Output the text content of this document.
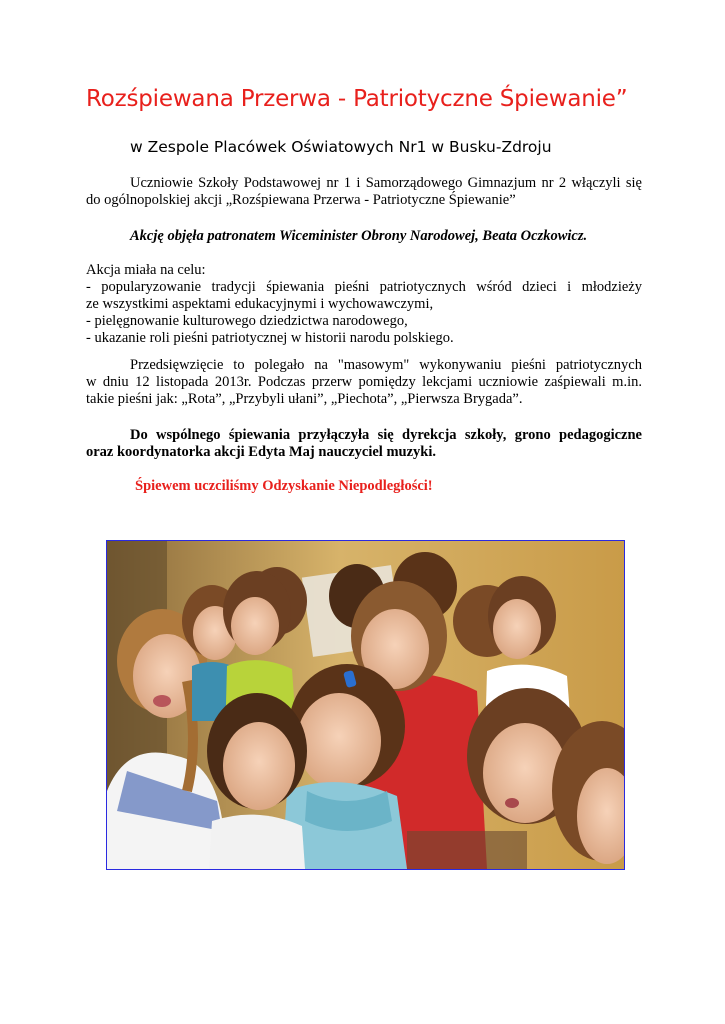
Rozśpiewana Przerwa - Patriotyczne Śpiewanie”
w Zespole Placówek Oświatowych Nr1 w Busku-Zdroju
Uczniowie Szkoły Podstawowej nr 1 i Samorządowego Gimnazjum nr 2 włączyli się
do ogólnopolskiej akcji „Rozśpiewana Przerwa - Patriotyczne Śpiewanie”
Akcję objęła patronatem Wiceminister Obrony Narodowej, Beata Oczkowicz.
Akcja miała na celu:
- popularyzowanie tradycji śpiewania pieśni patriotycznych wśród dzieci i młodzieży
ze wszystkimi aspektami edukacyjnymi i wychowawczymi,
- pielęgnowanie kulturowego dziedzictwa narodowego,
- ukazanie roli pieśni patriotycznej w historii narodu polskiego.
Przedsięwzięcie to polegało na "masowym" wykonywaniu pieśni patriotycznych
w dniu 12 listopada 2013r. Podczas przerw pomiędzy lekcjami uczniowie zaśpiewali m.in.
takie pieśni jak: „Rota”, „Przybyli ułani”, „Piechota”, „Pierwsza Brygada”.
Do wspólnego śpiewania przyłączyła się dyrekcja szkoły, grono pedagogiczne
oraz koordynatorka akcji Edyta Maj nauczyciel muzyki.
Śpiewem uczciliśmy Odzyskanie Niepodległości!
